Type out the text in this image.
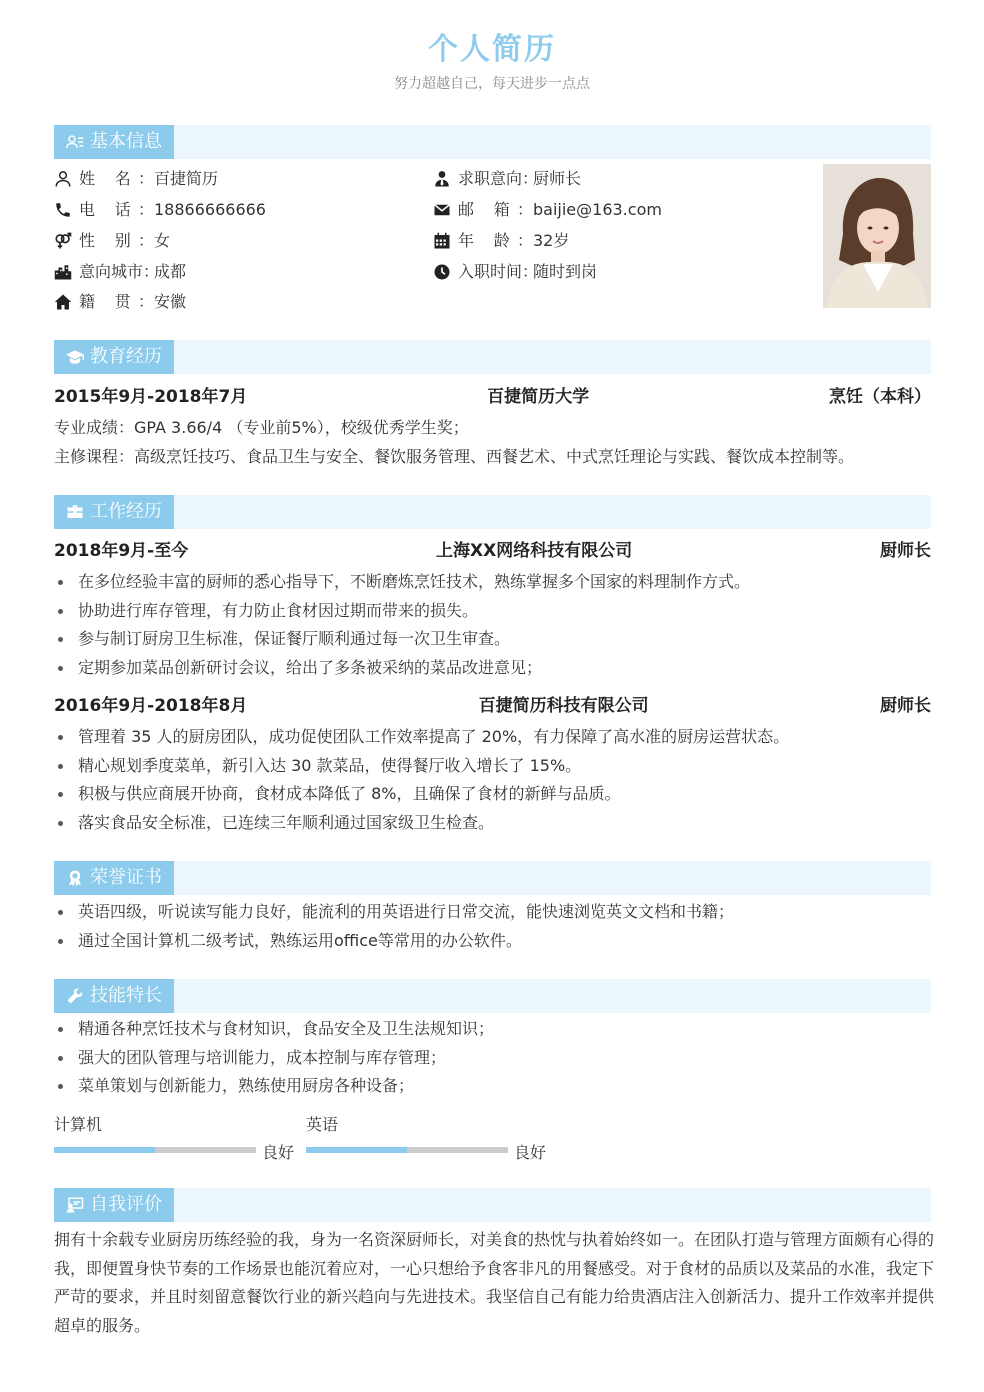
个人简历
努力超越自己，每天进步一点点
基本信息
姓 名： 百捷简历
电 话： 18866666666
性 别： 女
意向城市：
成都
籍 贯： 安徽
求职意向：
厨师长
邮 箱： baijie@163.com
年 龄： 32岁
入职时间：
随时到岗
教育经历
2015年9月-2018年7月	百捷简历大学	烹饪（本科）
专业成绩：GPA 3.66/4 （专业前5%），校级优秀学生奖；
主修课程：高级烹饪技巧、食品卫生与安全、餐饮服务管理、西餐艺术、中式烹饪理论与实践、餐饮成本控制等。
工作经历
2018年9月-至今	上海XX网络科技有限公司	厨师长
在多位经验丰富的厨师的悉心指导下，不断磨炼烹饪技术，熟练掌握多个国家的料理制作方式。
协助进行库存管理，有力防止食材因过期而带来的损失。
参与制订厨房卫生标准，保证餐厅顺利通过每一次卫生审查。
定期参加菜品创新研讨会议，给出了多条被采纳的菜品改进意见；
2016年9月-2018年8月	百捷简历科技有限公司	厨师长
管理着 35 人的厨房团队，成功促使团队工作效率提高了 20%，有力保障了高水准的厨房运营状态。
精心规划季度菜单，新引入达 30 款菜品，使得餐厅收入增长了 15%。
积极与供应商展开协商，食材成本降低了 8%，且确保了食材的新鲜与品质。
落实食品安全标准，已连续三年顺利通过国家级卫生检查。
荣誉证书
英语四级，听说读写能力良好，能流利的用英语进行日常交流，能快速浏览英文文档和书籍；
通过全国计算机二级考试，熟练运用office等常用的办公软件。
技能特长
精通各种烹饪技术与食材知识，食品安全及卫生法规知识；
强大的团队管理与培训能力，成本控制与库存管理；
菜单策划与创新能力，熟练使用厨房各种设备；
计算机
良好
英语
良好
自我评价
拥有十余载专业厨房历练经验的我，身为一名资深厨师长，对美食的热忱与执着始终如一。在团队打造与管理方面颇有心得的我，即便置身快节奏的工作场景也能沉着应对，一心只想给予食客非凡的用餐感受。对于食材的品质以及菜品的水准，我定下严苛的要求，并且时刻留意餐饮行业的新兴趋向与先进技术。我坚信自己有能力给贵酒店注入创新活力、提升工作效率并提供超卓的服务。
